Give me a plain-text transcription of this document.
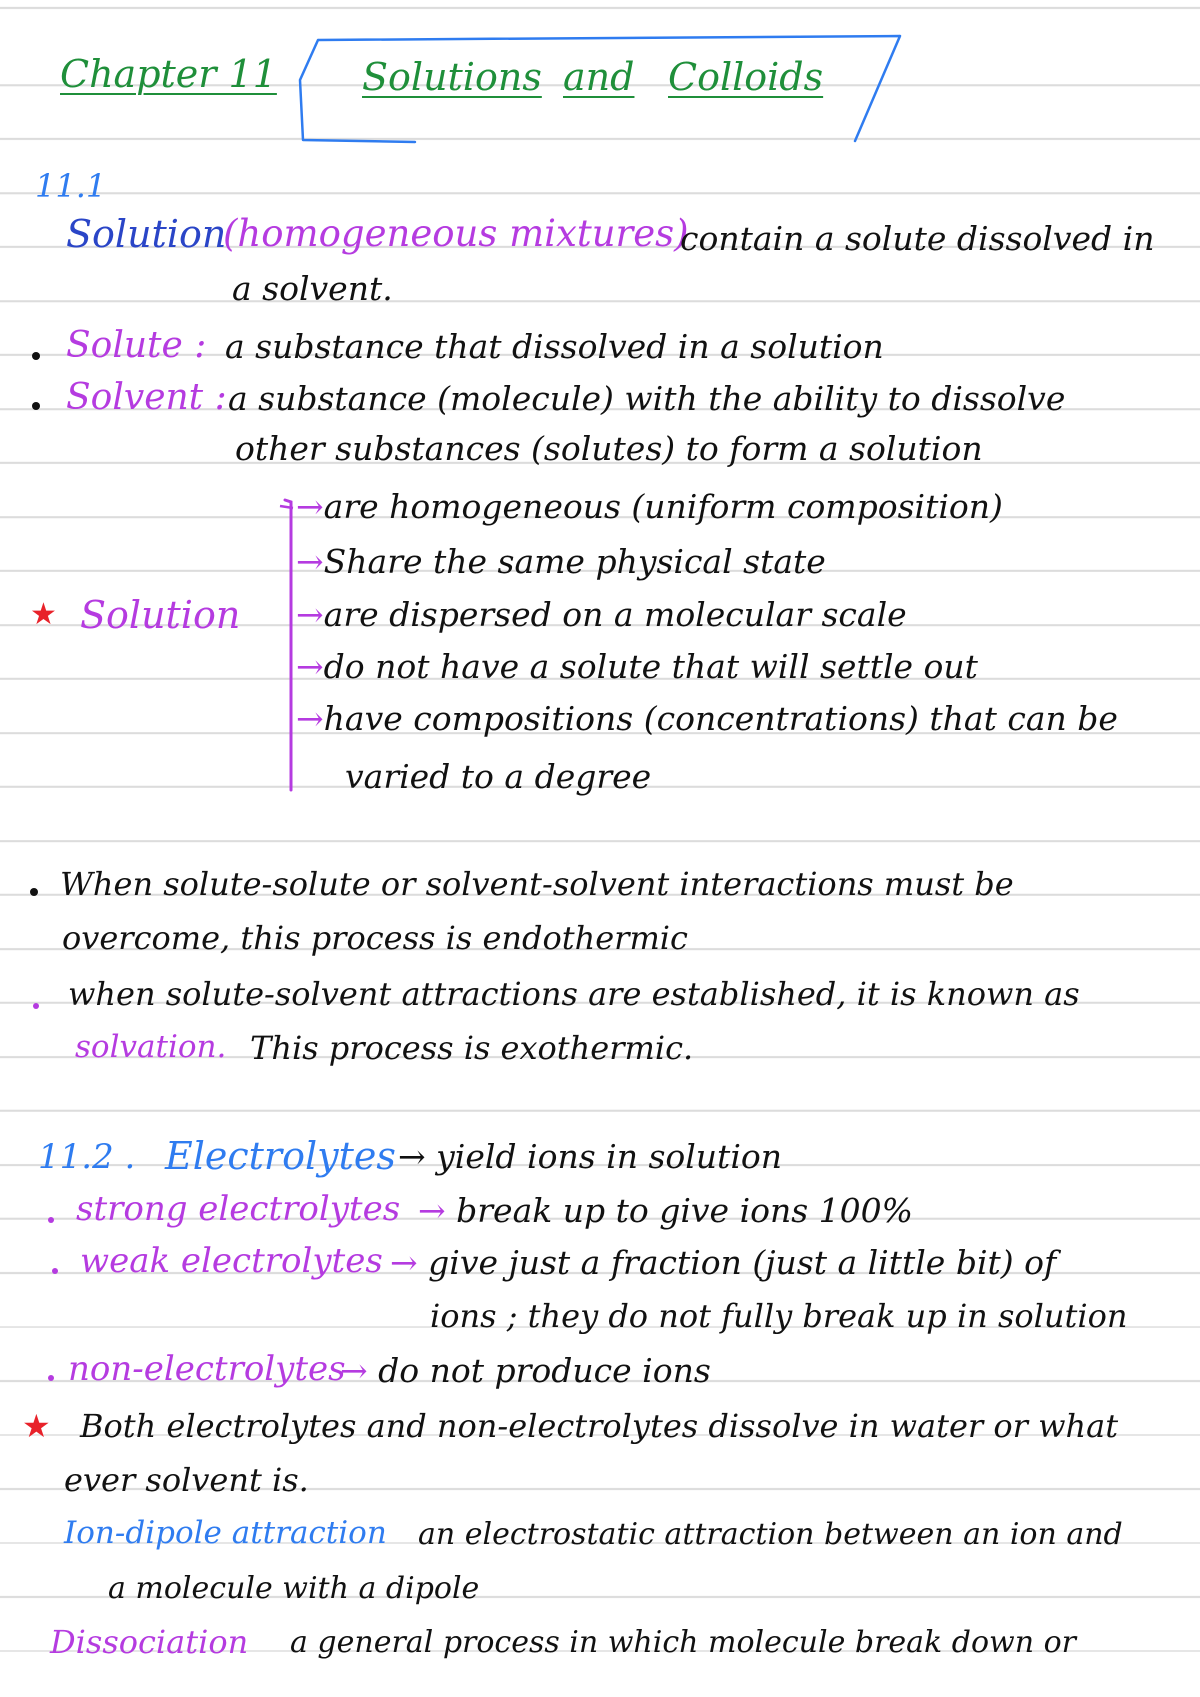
Chapter 11 Solutions and Colloids
11.1
Solution
(homogeneous mixtures)
contain a solute dissolved in
a solvent.
Solute : a substance that dissolved in a solution
Solvent : a substance (molecule) with the ability to dissolve
other substances (solutes) to form a solution
★ Solution
→are homogeneous (uniform composition)
→Share the same physical state
→are dispersed on a molecular scale
→do not have a solute that will settle out
→have compositions (concentrations) that can be
varied to a degree
When solute-solute or solvent-solvent interactions must be
overcome, this process is endothermic
when solute-solvent attractions are established, it is known as
solvation. This process is exothermic.
11.2 . Electrolytes → yield ions in solution
strong electrolytes → break up to give ions 100%
weak electrolytes → give just a fraction (just a little bit) of
ions ; they do not fully break up in solution
non-electrolytes
→ do not produce ions
★ Both electrolytes and non-electrolytes dissolve in water or what
ever solvent is.
Ion-dipole attraction an electrostatic attraction between an ion and
a molecule with a dipole
Dissociation a general process in which molecule break down or
